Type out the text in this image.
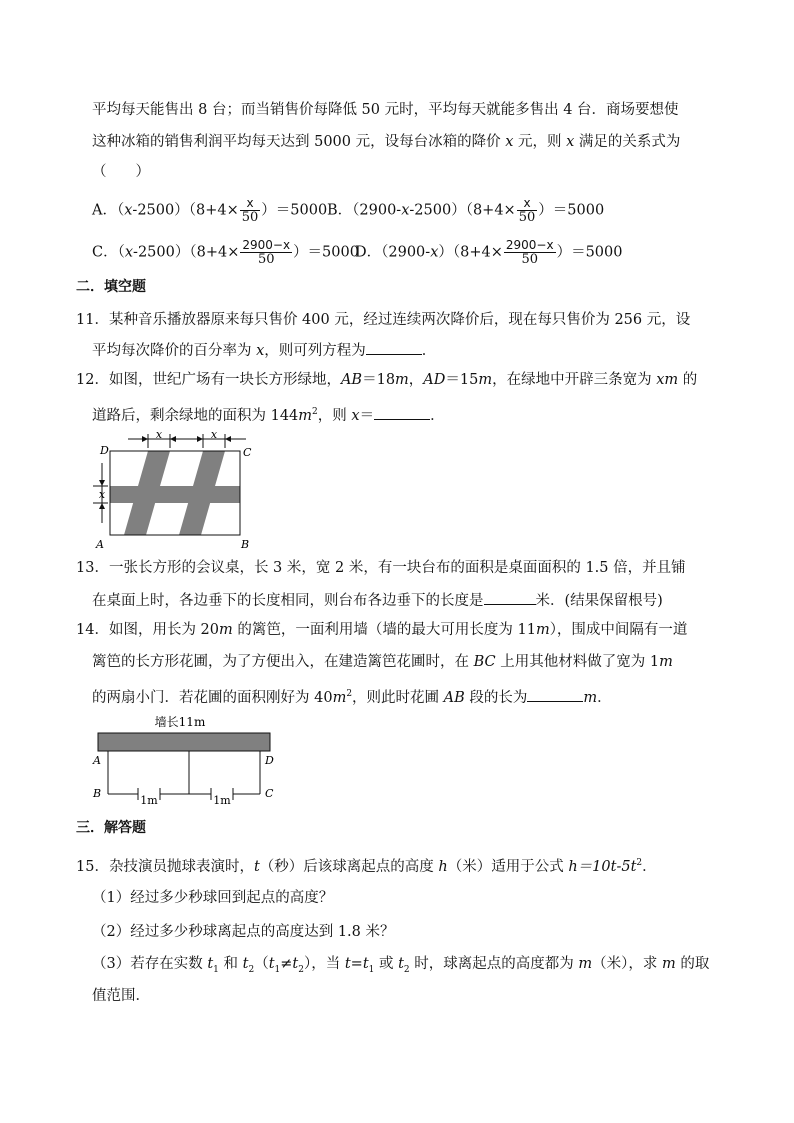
平均每天能售出 8 台；而当销售价每降低 50 元时，平均每天就能多售出 4 台．商场要想使
这种冰箱的销售利润平均每天达到 5000 元，设每台冰箱的降价 x 元，则 x 满足的关系式为
（　　）
A．$(x-2500)(8+4\times \frac{x}{50} )=5000$ B．$(2900-x-2500)(8+4\times \frac{x}{50} )=5000$
C．$(x-2500)(8+4\times \frac{2900-x}{50} )=5000$
D．$(2900-x)(8+4\times \frac{2900-x}{50} )=5000$
二．填空题
11．某种音乐播放器原来每只售价 400 元，经过连续两次降价后，现在每只售价为 256 元，设
平均每次降价的百分率为 x，则可列方程为	．
12．如图，世纪广场有一块长方形绿地，AB＝18m，AD＝15m，在绿地中开辟三条宽为 xm 的
道路后，剩余绿地的面积为 $144m^2$，则 x＝	．
x	x
x
D	C
A	B
13．一张长方形的会议桌，长 3 米，宽 2 米，有一块台布的面积是桌面面积的 1.5 倍，并且铺
在桌面上时，各边垂下的长度相同，则台布各边垂下的长度是	米．(结果保留根号)
14．如图，用长为 20m 的篱笆，一面利用墙（墙的最大可用长度为 11m），围成中间隔有一道
篱笆的长方形花圃，为了方便出入，在建造篱笆花圃时，在 BC 上用其他材料做了宽为 1m
的两扇小门．若花圃的面积刚好为 $40m^2$，则此时花圃 AB 段的长为	m．
墙长11m
1m	1m
A	D
B	C
三．解答题
15．杂技演员抛球表演时，t（秒）后该球离起点的高度 h（米）适用于公式 $h=10t-5t^2$．
（1）经过多少秒球回到起点的高度？
（2）经过多少秒球离起点的高度达到 1.8 米？
（3）若存在实数 $t_1$ 和 $t_2(t_1\ne t_2)$，当 $t=t_1$ 或 $t_2$ 时，球离起点的高度都为 m（米），求 m 的取
值范围．
